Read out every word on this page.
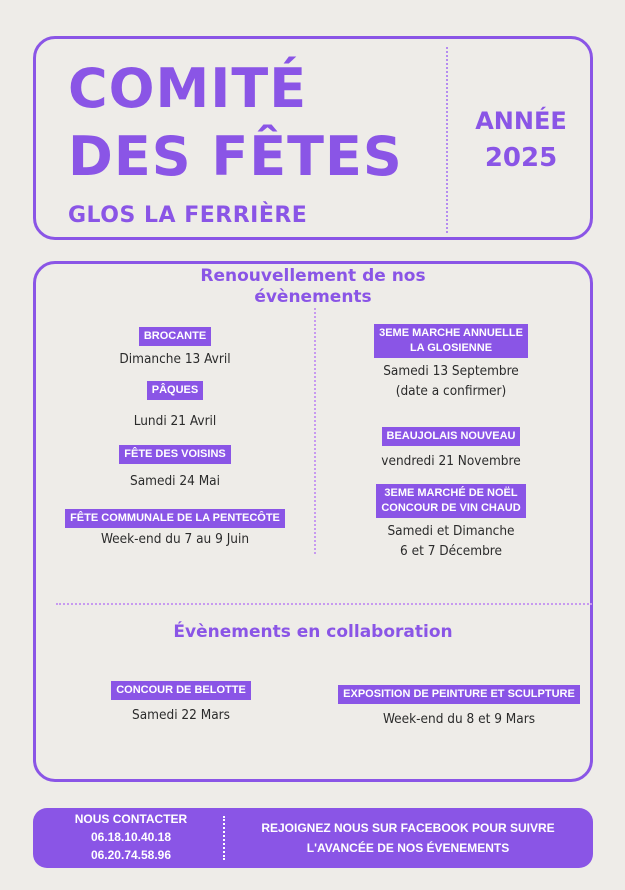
COMITÉ
DES FÊTES
GLOS LA FERRIÈRE
ANNÉE
2025
Renouvellement de nos évènements
BROCANTE
Dimanche 13 Avril
PÂQUES
Lundi 21 Avril
FÊTE DES VOISINS
Samedi 24 Mai
FÊTE COMMUNALE DE LA PENTECÔTE
Week-end du 7 au 9 Juin
3EME MARCHE ANNUELLE
LA GLOSIENNE
Samedi 13 Septembre
(date a confirmer)
BEAUJOLAIS NOUVEAU
vendredi 21 Novembre
3EME MARCHÉ DE NOËL
CONCOUR DE VIN CHAUD
Samedi et Dimanche
6 et 7 Décembre
Évènements en collaboration
CONCOUR DE BELOTTE
Samedi 22 Mars
EXPOSITION DE PEINTURE ET SCULPTURE
Week-end du 8 et 9 Mars
NOUS CONTACTER
06.18.10.40.18
06.20.74.58.96
REJOIGNEZ NOUS SUR FACEBOOK POUR SUIVRE
L'AVANCÉE DE NOS ÉVENEMENTS
